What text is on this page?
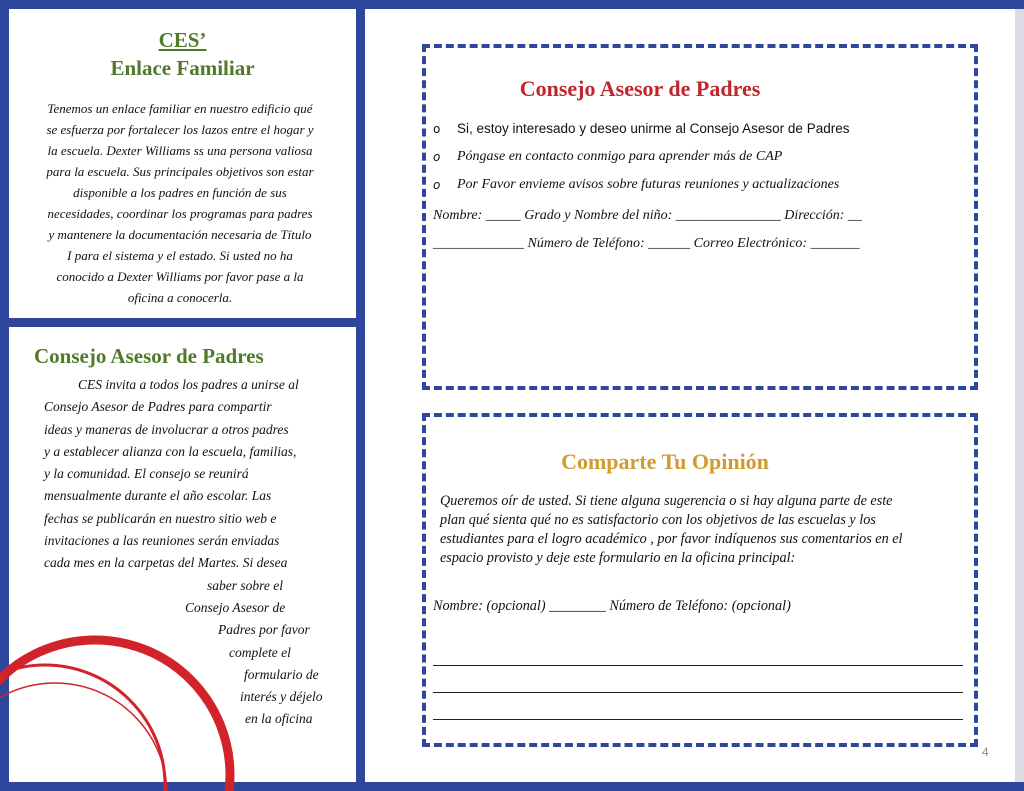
CES’
Enlace Familiar
Tenemos un enlace familiar en nuestro edificio qué
se esfuerza por fortalecer los lazos entre el hogar y
la escuela. Dexter Williams ss una persona valiosa
para la escuela. Sus principales objetivos son estar
disponible a los padres en función de sus
necesidades, coordinar los programas para padres
y mantenere la documentación necesaria de Título
I para el sistema y el estado. Si usted no ha
conocido a Dexter Williams por favor pase a la
oficina a conocerla.
Consejo Asesor de Padres
CES invita a todos los padres a unirse al
Consejo Asesor de Padres para compartir
ideas y maneras de involucrar a otros padres
y a establecer alianza con la escuela, familias,
y la comunidad. El consejo se reunirá
mensualmente durante el año escolar. Las
fechas se publicarán en nuestro sitio web e
invitaciones a las reuniones serán enviadas
cada mes en la carpetas del Martes. Si desea
saber sobre el
Consejo Asesor de
Padres por favor
complete el
formulario de
interés y déjelo
en la oficina
Consejo Asesor de Padres
o Si, estoy interesado y deseo unirme al Consejo Asesor de Padres
o Póngase en contacto conmigo para aprender más de CAP
o Por Favor envieme avisos sobre futuras reuniones y actualizaciones
Nombre: _____ Grado y Nombre del niño: _______________ Dirección: __
_____________ Número de Teléfono: ______ Correo Electrónico: _______
Comparte Tu Opinión
Queremos oír de usted. Si tiene alguna sugerencia o si hay alguna parte de este
plan qué sienta qué no es satisfactorio con los objetivos de las escuelas y los
estudiantes para el logro académico , por favor indíquenos sus comentarios en el
espacio provisto y deje este formulario en la oficina principal:
Nombre: (opcional) ________ Número de Teléfono: (opcional)
4
